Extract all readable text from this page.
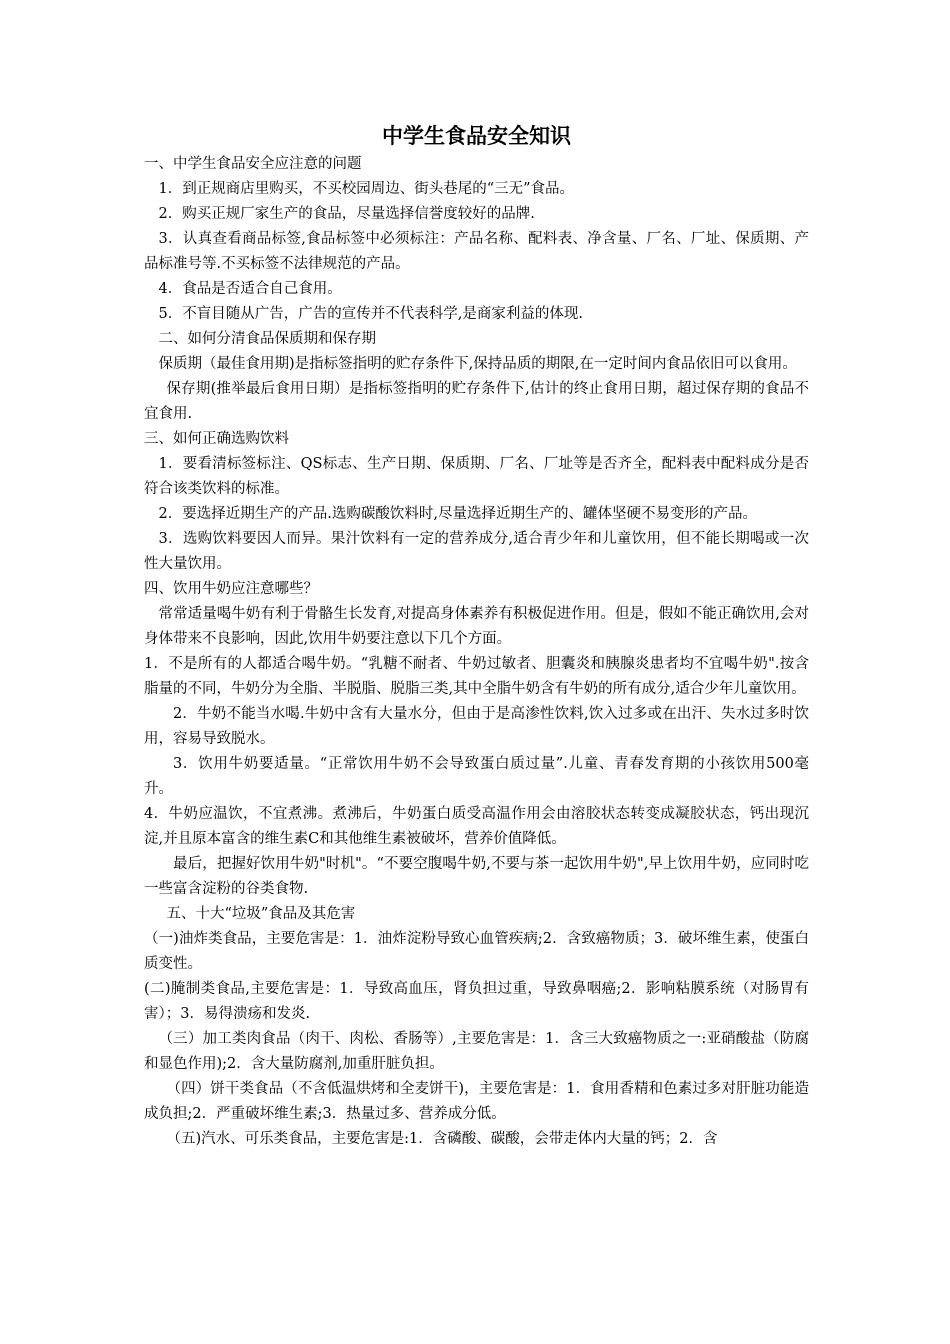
中学生食品安全知识

一、中学生食品安全应注意的问题

1．到正规商店里购买，不买校园周边、街头巷尾的“三无”食品。

2．购买正规厂家生产的食品，尽量选择信誉度较好的品牌.

3．认真查看商品标签,食品标签中必须标注：产品名称、配料表、净含量、厂名、厂址、保质期、产品标准号等.不买标签不法律规范的产品。

4．食品是否适合自己食用。

5．不盲目随从广告，广告的宣传并不代表科学,是商家利益的体现.

二、如何分清食品保质期和保存期

保质期（最佳食用期)是指标签指明的贮存条件下,保持品质的期限,在一定时间内食品依旧可以食用。

保存期(推举最后食用日期）是指标签指明的贮存条件下,估计的终止食用日期，超过保存期的食品不宜食用.

三、如何正确选购饮料

1．要看清标签标注、QS标志、生产日期、保质期、厂名、厂址等是否齐全，配料表中配料成分是否符合该类饮料的标准。

2．要选择近期生产的产品.选购碳酸饮料时,尽量选择近期生产的、罐体坚硬不易变形的产品。

3．选购饮料要因人而异。果汁饮料有一定的营养成分,适合青少年和儿童饮用，但不能长期喝或一次性大量饮用。

四、饮用牛奶应注意哪些？

常常适量喝牛奶有利于骨骼生长发育,对提高身体素养有积极促进作用。但是，假如不能正确饮用,会对身体带来不良影响，因此,饮用牛奶要注意以下几个方面。

1．不是所有的人都适合喝牛奶。“乳糖不耐者、牛奶过敏者、胆囊炎和胰腺炎患者均不宜喝牛奶".按含脂量的不同，牛奶分为全脂、半脱脂、脱脂三类,其中全脂牛奶含有牛奶的所有成分,适合少年儿童饮用。

2．牛奶不能当水喝.牛奶中含有大量水分，但由于是高渗性饮料,饮入过多或在出汗、失水过多时饮用，容易导致脱水。

3．饮用牛奶要适量。“正常饮用牛奶不会导致蛋白质过量”.儿童、青春发育期的小孩饮用500毫升。

4．牛奶应温饮，不宜煮沸。煮沸后，牛奶蛋白质受高温作用会由溶胶状态转变成凝胶状态，钙出现沉淀,并且原本富含的维生素C和其他维生素被破坏，营养价值降低。

最后，把握好饮用牛奶"时机"。“不要空腹喝牛奶,不要与茶一起饮用牛奶",早上饮用牛奶，应同时吃一些富含淀粉的谷类食物.

五、十大“垃圾”食品及其危害

（一)油炸类食品，主要危害是：1．油炸淀粉导致心血管疾病;2．含致癌物质；3．破坏维生素，使蛋白质变性。

(二)腌制类食品,主要危害是：1．导致高血压，肾负担过重，导致鼻咽癌;2．影响粘膜系统（对肠胃有害）；3．易得溃疡和发炎.

（三）加工类肉食品（肉干、肉松、香肠等）,主要危害是：1．含三大致癌物质之一:亚硝酸盐（防腐和显色作用);2．含大量防腐剂,加重肝脏负担。

（四）饼干类食品（不含低温烘烤和全麦饼干)，主要危害是：1．食用香精和色素过多对肝脏功能造成负担;2．严重破坏维生素;3．热量过多、营养成分低。

（五)汽水、可乐类食品，主要危害是:1．含磷酸、碳酸，会带走体内大量的钙；2．含
